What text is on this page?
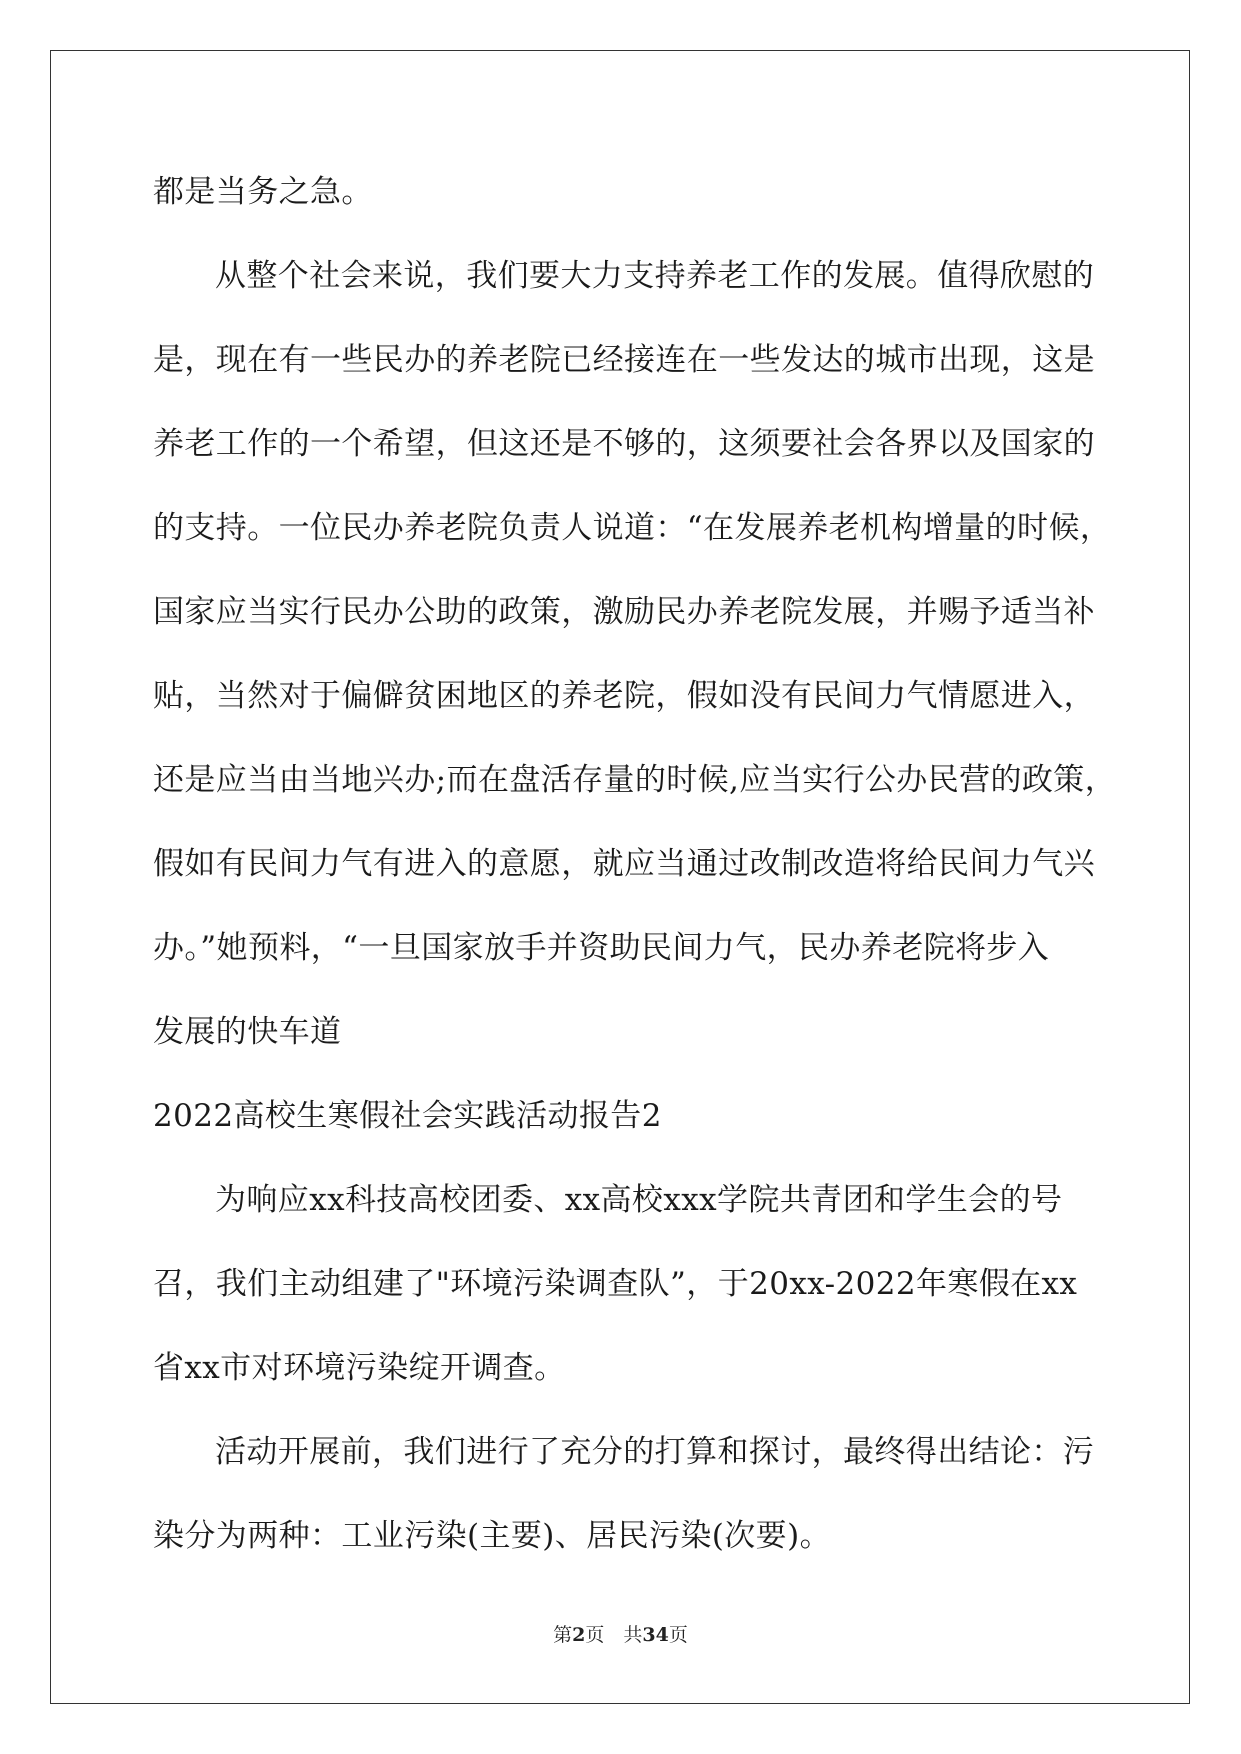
都是当务之急。
从整个社会来说，我们要大力支持养老工作的发展。值得欣慰的
是，现在有一些民办的养老院已经接连在一些发达的城市出现，这是
养老工作的一个希望，但这还是不够的，这须要社会各界以及国家的
的支持。一位民办养老院负责人说道：“在发展养老机构增量的时候，
国家应当实行民办公助的政策，激励民办养老院发展，并赐予适当补
贴，当然对于偏僻贫困地区的养老院，假如没有民间力气情愿进入，
还是应当由当地兴办;而在盘活存量的时候,应当实行公办民营的政策，
假如有民间力气有进入的意愿，就应当通过改制改造将给民间力气兴
办。”她预料，“一旦国家放手并资助民间力气，民办养老院将步入
发展的快车道
2022高校生寒假社会实践活动报告2
为响应xx科技高校团委、xx高校xxx学院共青团和学生会的号
召，我们主动组建了"环境污染调查队”，于20xx-2022年寒假在xx
省xx市对环境污染绽开调查。
活动开展前，我们进行了充分的打算和探讨，最终得出结论：污
染分为两种：工业污染(主要)、居民污染(次要)。
第2页　共34页
